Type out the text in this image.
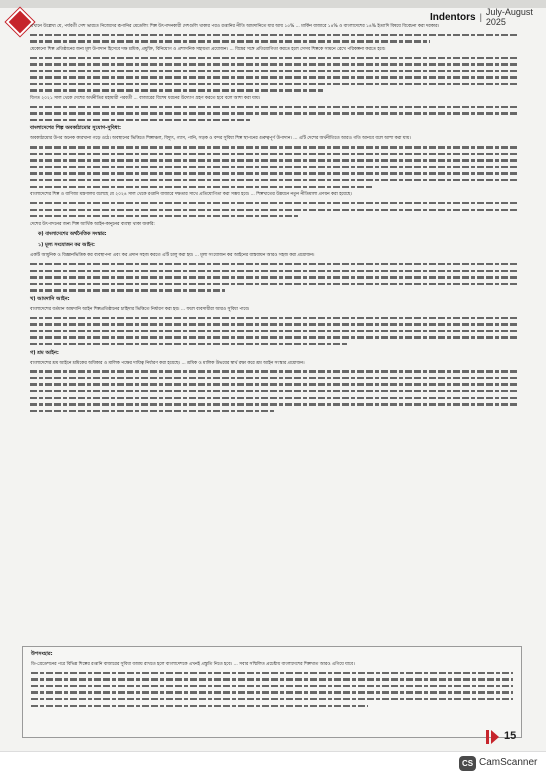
Indentors | July-August 2025

এখানে উল্লেখ্য যে, পর্যবর্তী সেশ ভারতে নিজেদের রূপানির মেডেলিং শিল্প উৎপাদনকারী দেশগুলি থাকার পরও রপ্তানির নীতি আমদানিতে যার আয় ১৫% ... মার্কিন বাজারে ১৪% ও বাংলাদেশের ১৪% ইত্যাদি বিষয়ে বিবেচনা করা দরকার।

যেকোনো শিল্প প্রতিষ্ঠানের জন্য মূল উপাদান হিসেবে দক্ষ শ্রমিক, প্রযুক্তি, বিনিয়োগ ও প্রশাসনিক সহায়তা প্রয়োজন। ... বিশ্বের সঙ্গে প্রতিযোগিতা করতে হলে সেসব শিল্পকে সামনে রেখে পরিকল্পনা করতে হবে।

বিগত ২০২১ সাল থেকে দেশের অর্থনীতির মহামারী পরবর্তী ... বাজারের বিশেষ ধরনের উদ্যোগ গ্রহণ করতে হবে বলে আশা করা যায়।

বাংলাদেশের শিল্প অবকাঠামোর সুযোগ-সুবিধা:

অবকাঠামোর উপর অনেক কারখানা গড়ে ওঠে। অবস্থানের ভিত্তিতে শিল্পাঞ্চল, বিদ্যুৎ, গ্যাস, পানি, সড়ক ও বন্দর সুবিধা শিল্প স্থাপনের গুরুত্বপূর্ণ উপাদান। ... এটি দেশের অর্থনীতিতে আরও গতি আনবে বলে আশা করা যায়।

বাংলাদেশের শিল্প ও বাণিজ্য মন্ত্রণালয় বলেছে যে ২০২৪ সাল থেকে রপ্তানি বাজারে দক্ষতার সাথে প্রতিযোগিতা করা সম্ভব হবে। ... শিল্পখাতের উন্নয়নে নতুন নীতিমালা প্রণয়ন করা হয়েছে।

দেশের উৎপাদনের জন্য শিল্প আর্থিক আইন-কানুনের ব্যবস্থা থাকা জরুরি:

ক) বাংলাদেশের অর্থনৈতিক সংস্কার:
১) মূল্য সংযোজন কর আইন:

একটি আধুনিক ও বিজ্ঞানভিত্তিক কর ব্যবস্থাপনা এবং কর প্রদান সহজ করতে এটি চালু করা হয়। ... মূল্য সংযোজন কর আইনের বাস্তবায়ন আরও সহজ করা প্রয়োজন।

খ) আমদানি আইন:

বাংলাদেশের বর্তমান আমদানি আইন শিল্পপ্রতিষ্ঠানের চাহিদার ভিত্তিতে নির্ধারণ করা হয়। ... ফলে ব্যবসায়ীরা আরও সুবিধা পাবে।

গ) শ্রম আইন:

বাংলাদেশের শ্রম আইনে শ্রমিকের অধিকার ও মালিক পক্ষের দায়িত্ব নির্ধারণ করা হয়েছে। ... শ্রমিক ও মালিক উভয়ের স্বার্থ রক্ষা করে শ্রম আইন সংস্কার প্রয়োজন।

উপসংহার:

ডি-গ্রেডেশনের পরে বিভিন্ন শিল্পের রপ্তানি বাজারের সুবিধা বজায় রাখতে হলে বাংলাদেশকে এখনই প্রস্তুতি নিতে হবে। ... সবার সম্মিলিত প্রচেষ্টায় বাংলাদেশের শিল্পখাত আরও এগিয়ে যাবে।

15
CS CamScanner
